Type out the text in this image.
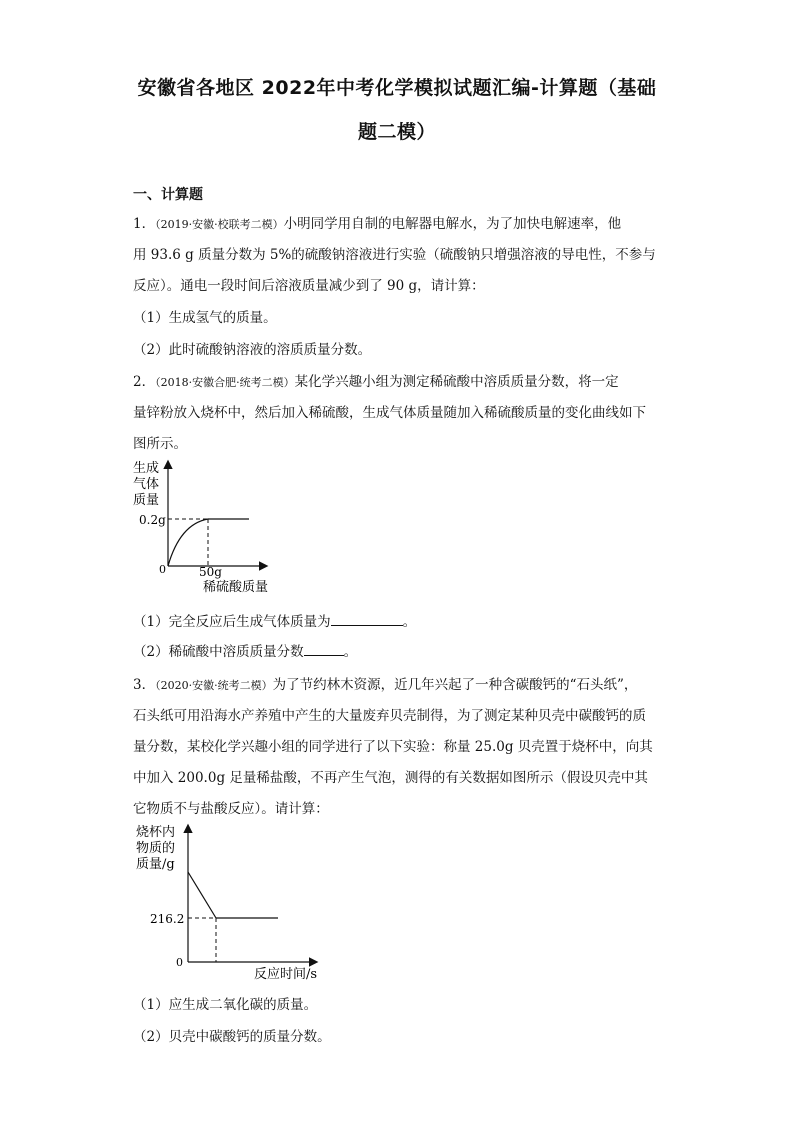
安徽省各地区 2022年中考化学模拟试题汇编-计算题（基础
题二模）
一、计算题
1．（2019·安徽·校联考二模）小明同学用自制的电解器电解水，为了加快电解速率，他
用 93.6 g 质量分数为 5%的硫酸钠溶液进行实验（硫酸钠只增强溶液的导电性，不参与
反应）。通电一段时间后溶液质量减少到了 90 g，请计算：
（1）生成氢气的质量。
（2）此时硫酸钠溶液的溶质质量分数。
2．（2018·安徽合肥·统考二模）某化学兴趣小组为测定稀硫酸中溶质质量分数，将一定
量锌粉放入烧杯中，然后加入稀硫酸，生成气体质量随加入稀硫酸质量的变化曲线如下
图所示。
生成
气体
质量
0.2g
0	50g
稀硫酸质量
（1）完全反应后生成气体质量为	。
（2）稀硫酸中溶质质量分数	。
3．（2020·安徽·统考二模）为了节约林木资源，近几年兴起了一种含碳酸钙的“石头纸”，
石头纸可用沿海水产养殖中产生的大量废弃贝壳制得，为了测定某种贝壳中碳酸钙的质
量分数，某校化学兴趣小组的同学进行了以下实验：称量 25.0g 贝壳置于烧杯中，向其
中加入 200.0g 足量稀盐酸，不再产生气泡，测得的有关数据如图所示（假设贝壳中其
它物质不与盐酸反应）。请计算：
烧杯内
物质的
质量/g
216.2
0
反应时间/s
（1）应生成二氧化碳的质量。
（2）贝壳中碳酸钙的质量分数。
